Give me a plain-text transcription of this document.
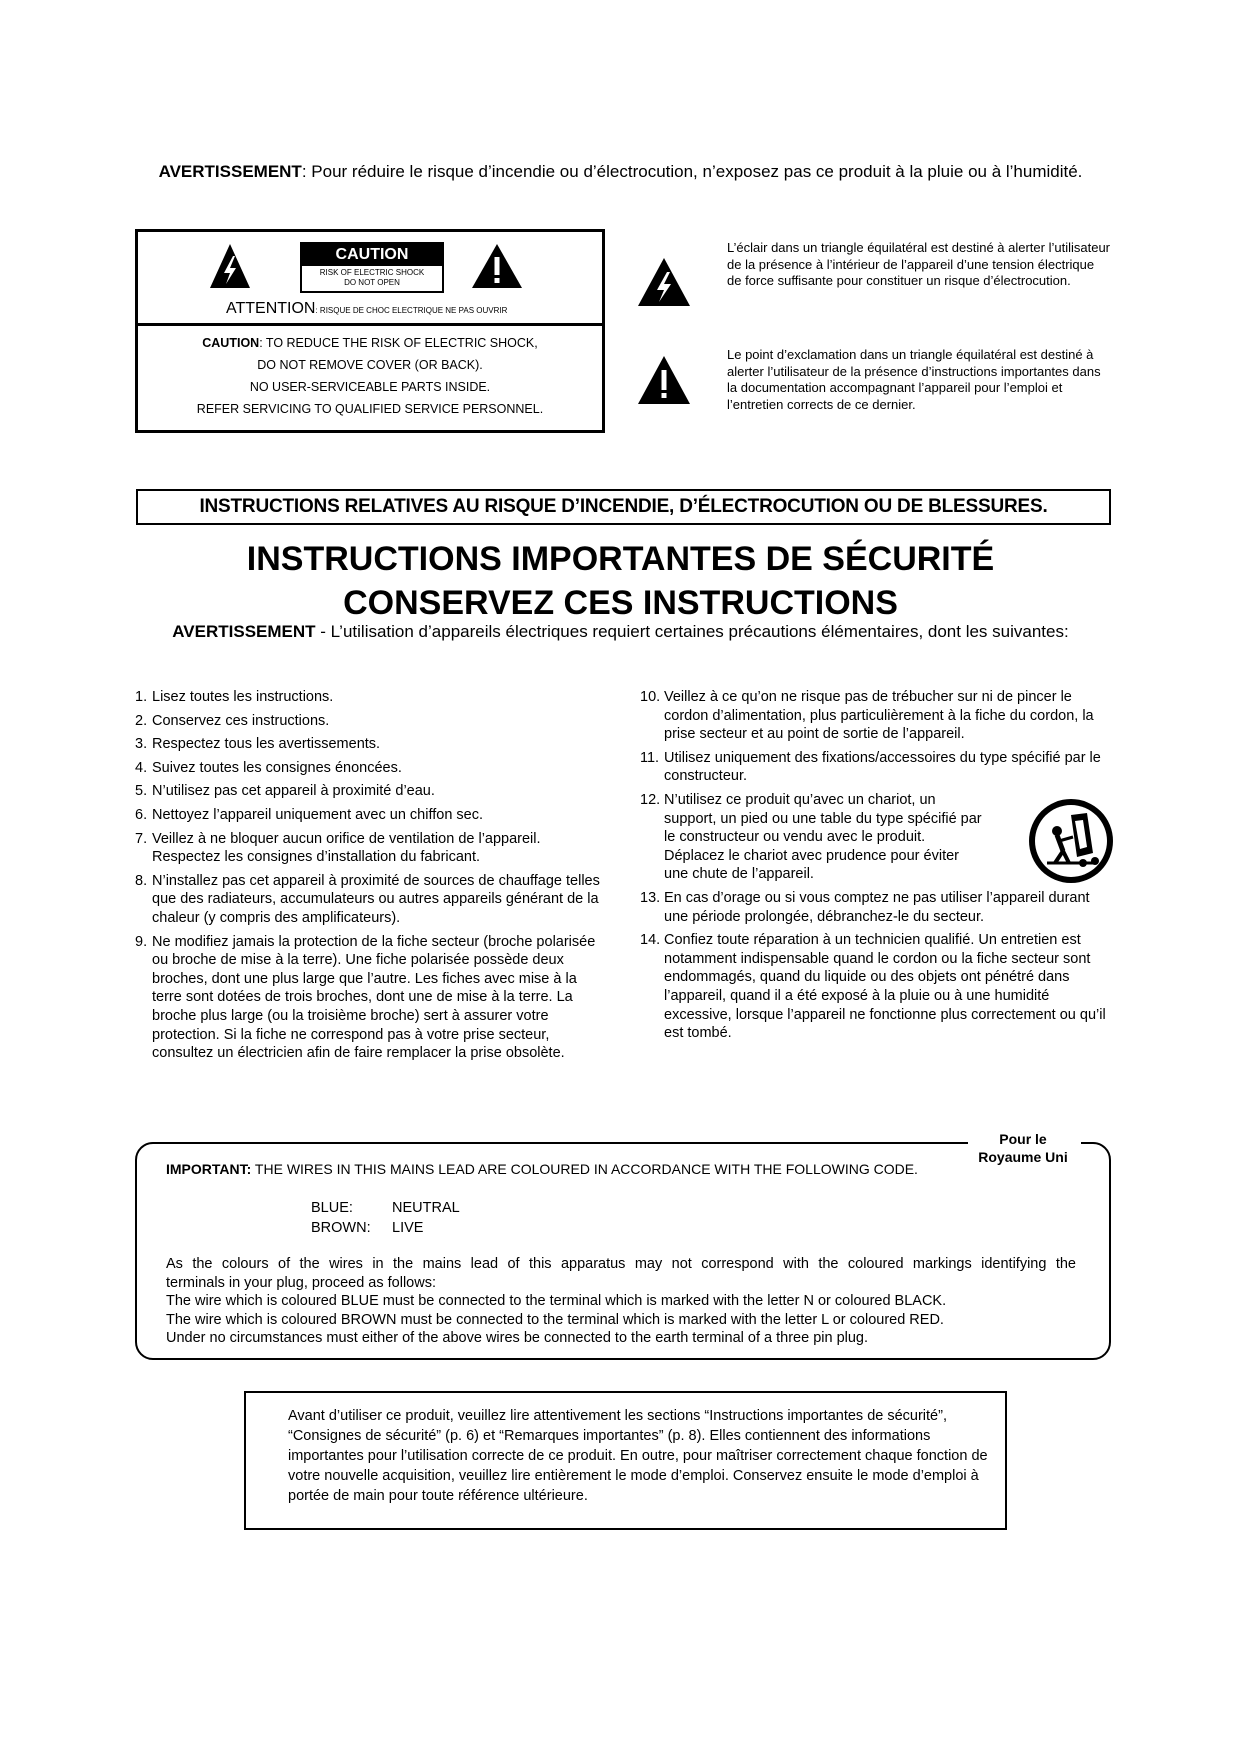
AVERTISSEMENT: Pour réduire le risque d’incendie ou d’électrocution, n’exposez pas ce produit à la pluie ou à l’humidité.
CAUTION
RISK OF ELECTRIC SHOCK
DO NOT OPEN
ATTENTION: RISQUE DE CHOC ELECTRIQUE NE PAS OUVRIR
CAUTION: TO REDUCE THE RISK OF ELECTRIC SHOCK,
DO NOT REMOVE COVER (OR BACK).
NO USER-SERVICEABLE PARTS INSIDE.
REFER SERVICING TO QUALIFIED SERVICE PERSONNEL.
L’éclair dans un triangle équilatéral est destiné à alerter l’utilisateur de la présence à l’intérieur de l’appareil d’une tension électrique de force suffisante pour constituer un risque d’électrocution.
Le point d’exclamation dans un triangle équilatéral est destiné à alerter l’utilisateur de la présence d’instructions importantes dans la documentation accompagnant l’appareil pour l’emploi et l’entretien corrects de ce dernier.
INSTRUCTIONS RELATIVES AU RISQUE D’INCENDIE, D’ÉLECTROCUTION OU DE BLESSURES.
INSTRUCTIONS IMPORTANTES DE SÉCURITÉ
CONSERVEZ CES INSTRUCTIONS
AVERTISSEMENT - L’utilisation d’appareils électriques requiert certaines précautions élémentaires, dont les suivantes:
1. Lisez toutes les instructions.
2. Conservez ces instructions.
3. Respectez tous les avertissements.
4. Suivez toutes les consignes énoncées.
5. N’utilisez pas cet appareil à proximité d’eau.
6. Nettoyez l’appareil uniquement avec un chiffon sec.
7. Veillez à ne bloquer aucun orifice de ventilation de l’appareil. Respectez les consignes d’installation du fabricant.
8. N’installez pas cet appareil à proximité de sources de chauffage telles que des radiateurs, accumulateurs ou autres appareils générant de la chaleur (y compris des amplificateurs).
9. Ne modifiez jamais la protection de la fiche secteur (broche polarisée ou broche de mise à la terre). Une fiche polarisée possède deux broches, dont une plus large que l’autre. Les fiches avec mise à la terre sont dotées de trois broches, dont une de mise à la terre. La broche plus large (ou la troisième broche) sert à assurer votre protection. Si la fiche ne correspond pas à votre prise secteur, consultez un électricien afin de faire remplacer la prise obsolète.
10. Veillez à ce qu’on ne risque pas de trébucher sur ni de pincer le cordon d’alimentation, plus particulièrement à la fiche du cordon, la prise secteur et au point de sortie de l’appareil.
11. Utilisez uniquement des fixations/accessoires du type spécifié par le constructeur.
12. N’utilisez ce produit qu’avec un chariot, un support, un pied ou une table du type spécifié par le constructeur ou vendu avec le produit. Déplacez le chariot avec prudence pour éviter une chute de l’appareil.
13. En cas d’orage ou si vous comptez ne pas utiliser l’appareil durant une période prolongée, débranchez-le du secteur.
14. Confiez toute réparation à un technicien qualifié. Un entretien est notamment indispensable quand le cordon ou la fiche secteur sont endommagés, quand du liquide ou des objets ont pénétré dans l’appareil, quand il a été exposé à la pluie ou à une humidité excessive, lorsque l’appareil ne fonctionne plus correctement ou qu’il est tombé.
Pour le
Royaume Uni
IMPORTANT: THE WIRES IN THIS MAINS LEAD ARE COLOURED IN ACCORDANCE WITH THE FOLLOWING CODE.
BLUE:	NEUTRAL
BROWN: LIVE
As the colours of the wires in the mains lead of this apparatus may not correspond with the coloured markings identifying the
terminals in your plug, proceed as follows:
The wire which is coloured BLUE must be connected to the terminal which is marked with the letter N or coloured BLACK.
The wire which is coloured BROWN must be connected to the terminal which is marked with the letter L or coloured RED.
Under no circumstances must either of the above wires be connected to the earth terminal of a three pin plug.
Avant d’utiliser ce produit, veuillez lire attentivement les sections “Instructions importantes de sécurité”, “Consignes de sécurité” (p. 6) et “Remarques importantes” (p. 8). Elles contiennent des informations importantes pour l’utilisation correcte de ce produit. En outre, pour maîtriser correctement chaque fonction de votre nouvelle acquisition, veuillez lire entièrement le mode d’emploi. Conservez ensuite le mode d’emploi à portée de main pour toute référence ultérieure.
